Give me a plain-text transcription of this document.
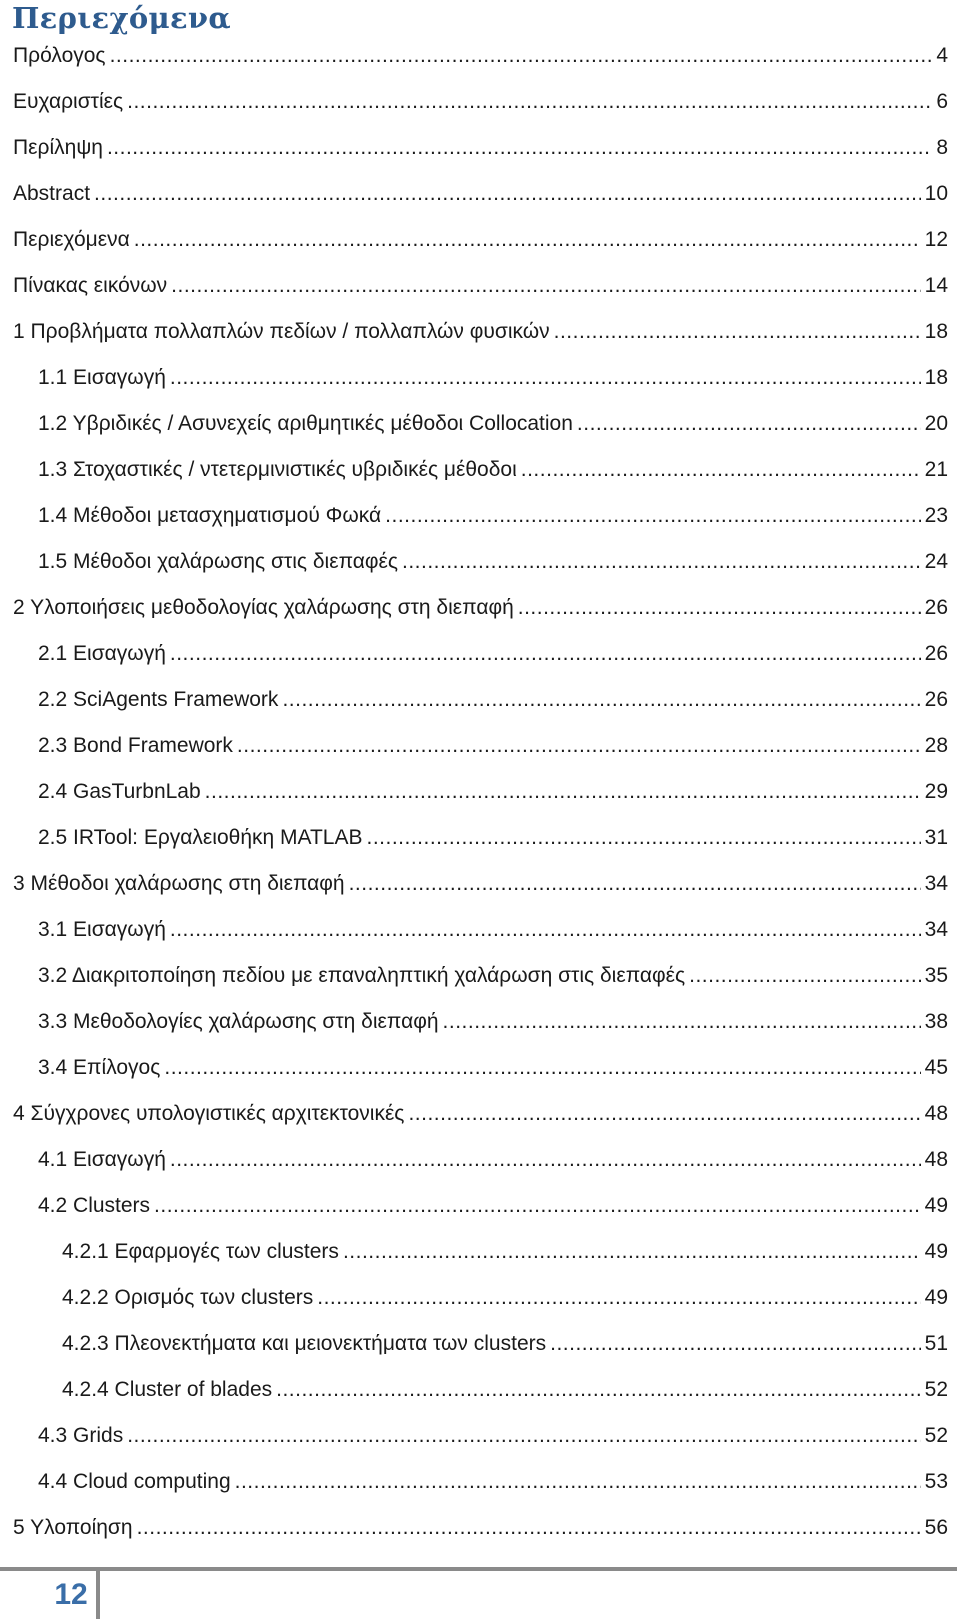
Περιεχόμενα
Πρόλογος .....	4
Ευχαριστίες .....	6
Περίληψη .....	8
Abstract .....	10
Περιεχόμενα .....	12
Πίνακας εικόνων .....	14
1 Προβλήματα πολλαπλών πεδίων / πολλαπλών φυσικών .....	18
1.1 Εισαγωγή .....	18
1.2 Υβριδικές / Ασυνεχείς αριθμητικές μέθοδοι Collocation .....	20
1.3 Στοχαστικές / ντετερμινιστικές υβριδικές μέθοδοι .....	21
1.4 Μέθοδοι μετασχηματισμού Φωκά .....	23
1.5 Μέθοδοι χαλάρωσης στις διεπαφές .....	24
2 Υλοποιήσεις μεθοδολογίας χαλάρωσης στη διεπαφή .....	26
2.1 Εισαγωγή .....	26
2.2 SciAgents Framework .....	26
2.3 Bond Framework .....	28
2.4 GasTurbnLab .....	29
2.5 IRTool: Εργαλειοθήκη MATLAB .....	31
3 Μέθοδοι χαλάρωσης στη διεπαφή .....	34
3.1 Εισαγωγή .....	34
3.2 Διακριτοποίηση πεδίου με επαναληπτική χαλάρωση στις διεπαφές .....	35
3.3 Μεθοδολογίες χαλάρωσης στη διεπαφή .....	38
3.4 Επίλογος .....	45
4 Σύγχρονες υπολογιστικές αρχιτεκτονικές .....	48
4.1 Εισαγωγή .....	48
4.2 Clusters .....	49
4.2.1 Εφαρμογές των clusters .....	49
4.2.2 Ορισμός των clusters .....	49
4.2.3 Πλεονεκτήματα και μειονεκτήματα των clusters .....	51
4.2.4 Cluster of blades .....	52
4.3 Grids .....	52
4.4 Cloud computing .....	53
5 Υλοποίηση .....	56
12
